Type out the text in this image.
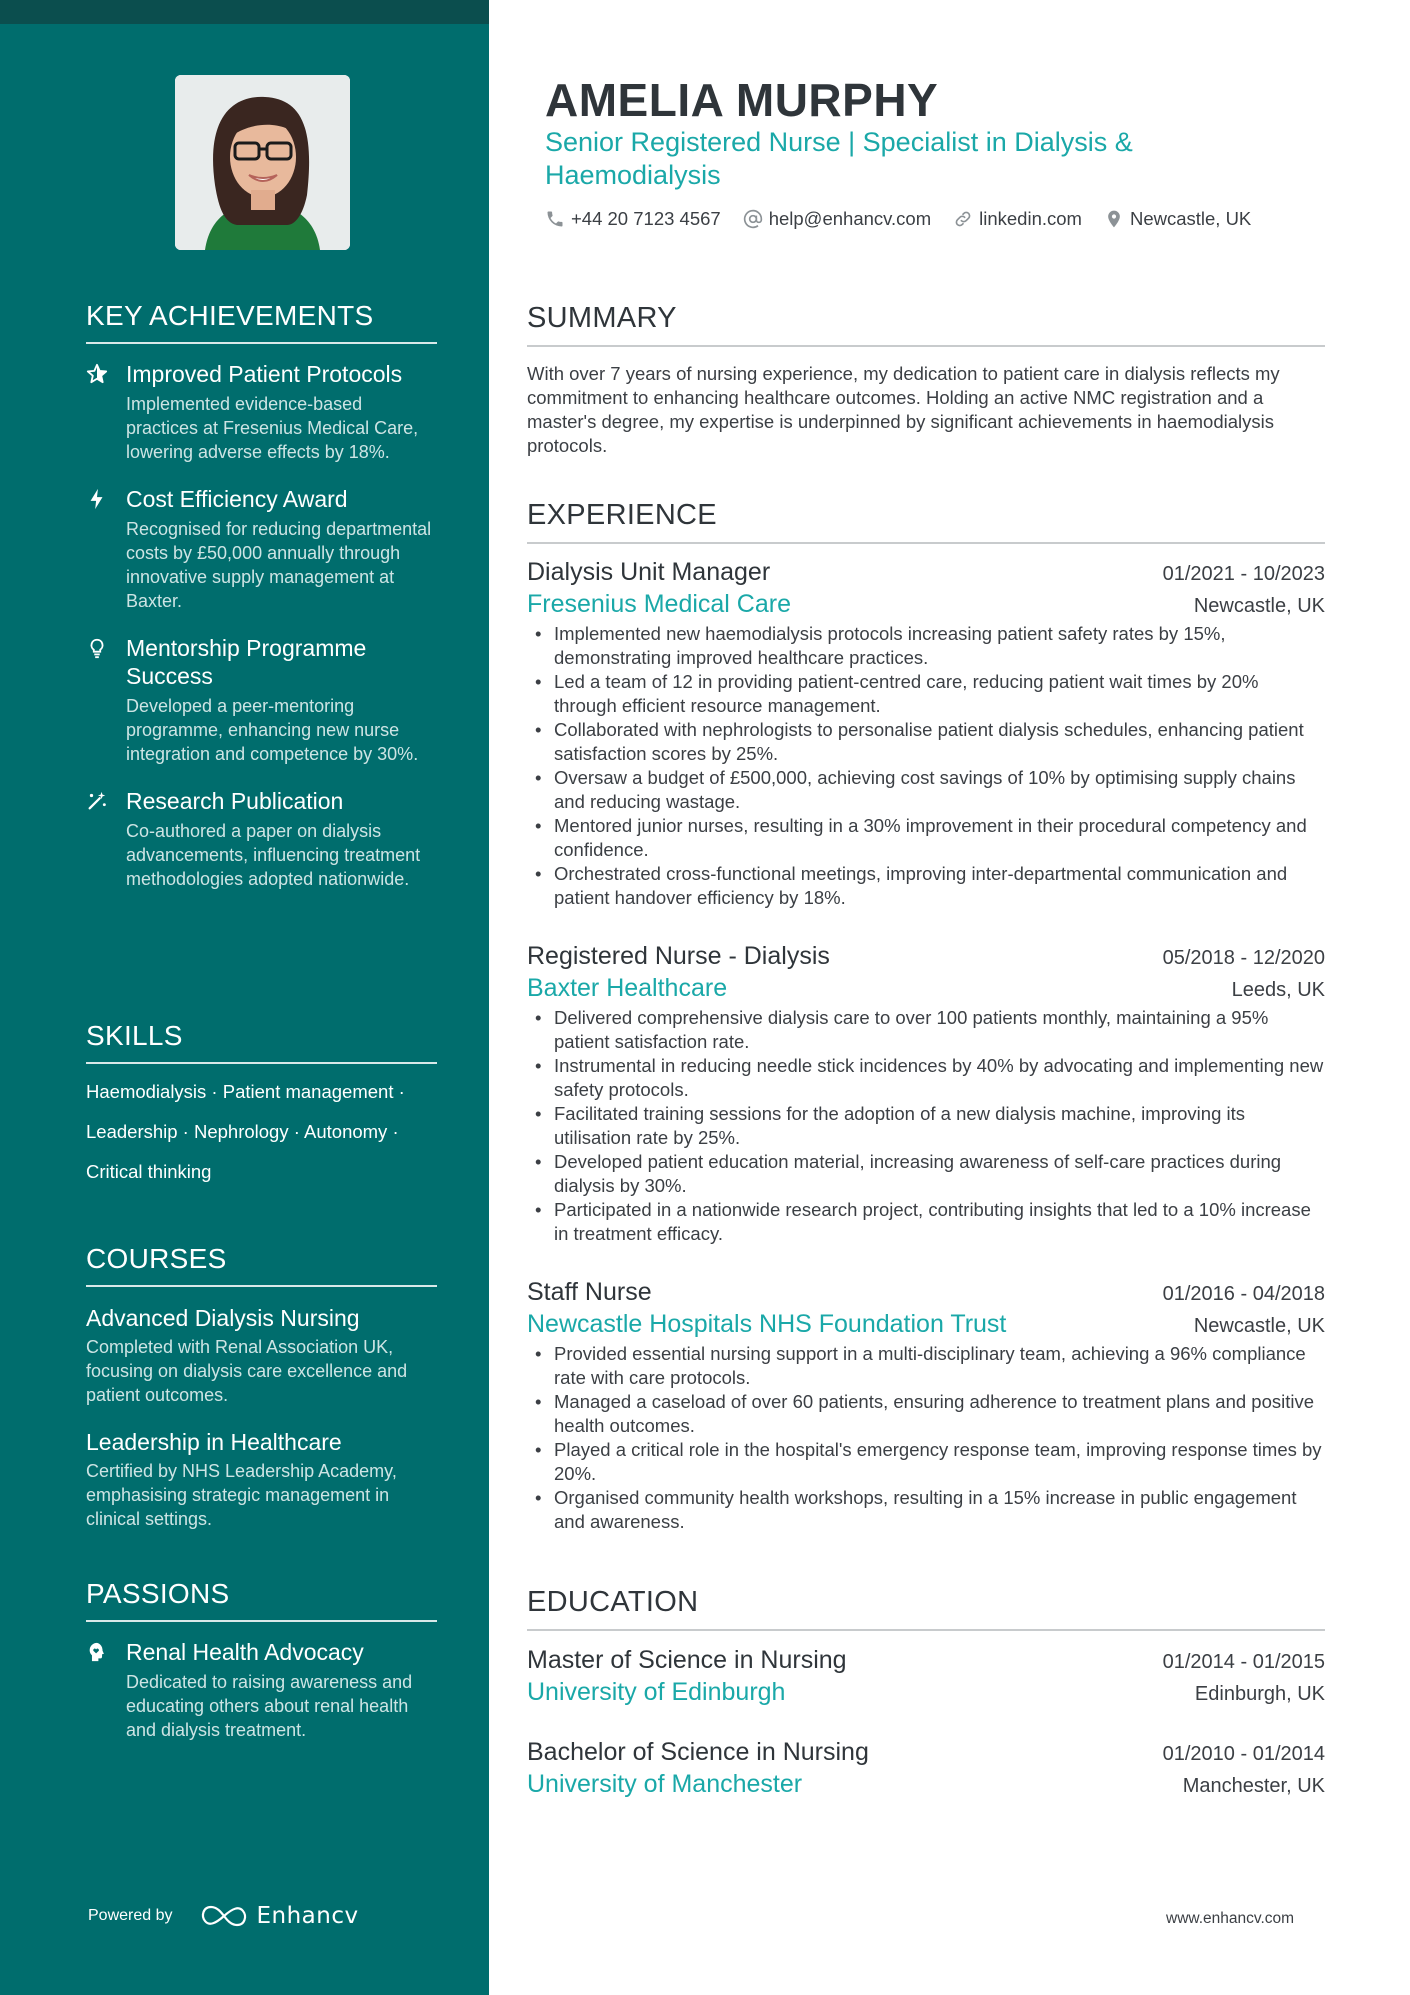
KEY ACHIEVEMENTS
Improved Patient Protocols
Implemented evidence-based practices at Fresenius Medical Care, lowering adverse effects by 18%.
Cost Efficiency Award
Recognised for reducing departmental costs by £50,000 annually through innovative supply management at Baxter.
Mentorship Programme Success
Developed a peer-mentoring programme, enhancing new nurse integration and competence by 30%.
Research Publication
Co-authored a paper on dialysis advancements, influencing treatment methodologies adopted nationwide.
SKILLS
Haemodialysis · Patient management ·
Leadership · Nephrology · Autonomy ·
Critical thinking
COURSES
Advanced Dialysis Nursing
Completed with Renal Association UK, focusing on dialysis care excellence and patient outcomes.
Leadership in Healthcare
Certified by NHS Leadership Academy, emphasising strategic management in clinical settings.
PASSIONS
Renal Health Advocacy
Dedicated to raising awareness and educating others about renal health and dialysis treatment.
Powered by	Enhancv
AMELIA MURPHY
Senior Registered Nurse | Specialist in Dialysis &
Haemodialysis
+44 20 7123 4567	help@enhancv.com	linkedin.com	Newcastle, UK
SUMMARY
With over 7 years of nursing experience, my dedication to patient care in dialysis reflects my commitment to enhancing healthcare outcomes. Holding an active NMC registration and a master's degree, my expertise is underpinned by significant achievements in haemodialysis protocols.
EXPERIENCE
Dialysis Unit Manager	01/2021 - 10/2023
Fresenius Medical Care	Newcastle, UK
• Implemented new haemodialysis protocols increasing patient safety rates by 15%, demonstrating improved healthcare practices.
• Led a team of 12 in providing patient-centred care, reducing patient wait times by 20% through efficient resource management.
• Collaborated with nephrologists to personalise patient dialysis schedules, enhancing patient satisfaction scores by 25%.
• Oversaw a budget of £500,000, achieving cost savings of 10% by optimising supply chains and reducing wastage.
• Mentored junior nurses, resulting in a 30% improvement in their procedural competency and confidence.
• Orchestrated cross-functional meetings, improving inter-departmental communication and patient handover efficiency by 18%.
Registered Nurse - Dialysis	05/2018 - 12/2020
Baxter Healthcare	Leeds, UK
• Delivered comprehensive dialysis care to over 100 patients monthly, maintaining a 95% patient satisfaction rate.
• Instrumental in reducing needle stick incidences by 40% by advocating and implementing new safety protocols.
• Facilitated training sessions for the adoption of a new dialysis machine, improving its utilisation rate by 25%.
• Developed patient education material, increasing awareness of self-care practices during dialysis by 30%.
• Participated in a nationwide research project, contributing insights that led to a 10% increase in treatment efficacy.
Staff Nurse	01/2016 - 04/2018
Newcastle Hospitals NHS Foundation Trust	Newcastle, UK
• Provided essential nursing support in a multi-disciplinary team, achieving a 96% compliance rate with care protocols.
• Managed a caseload of over 60 patients, ensuring adherence to treatment plans and positive health outcomes.
• Played a critical role in the hospital's emergency response team, improving response times by 20%.
• Organised community health workshops, resulting in a 15% increase in public engagement and awareness.
EDUCATION
Master of Science in Nursing	01/2014 - 01/2015
University of Edinburgh	Edinburgh, UK
Bachelor of Science in Nursing	01/2010 - 01/2014
University of Manchester	Manchester, UK
www.enhancv.com
